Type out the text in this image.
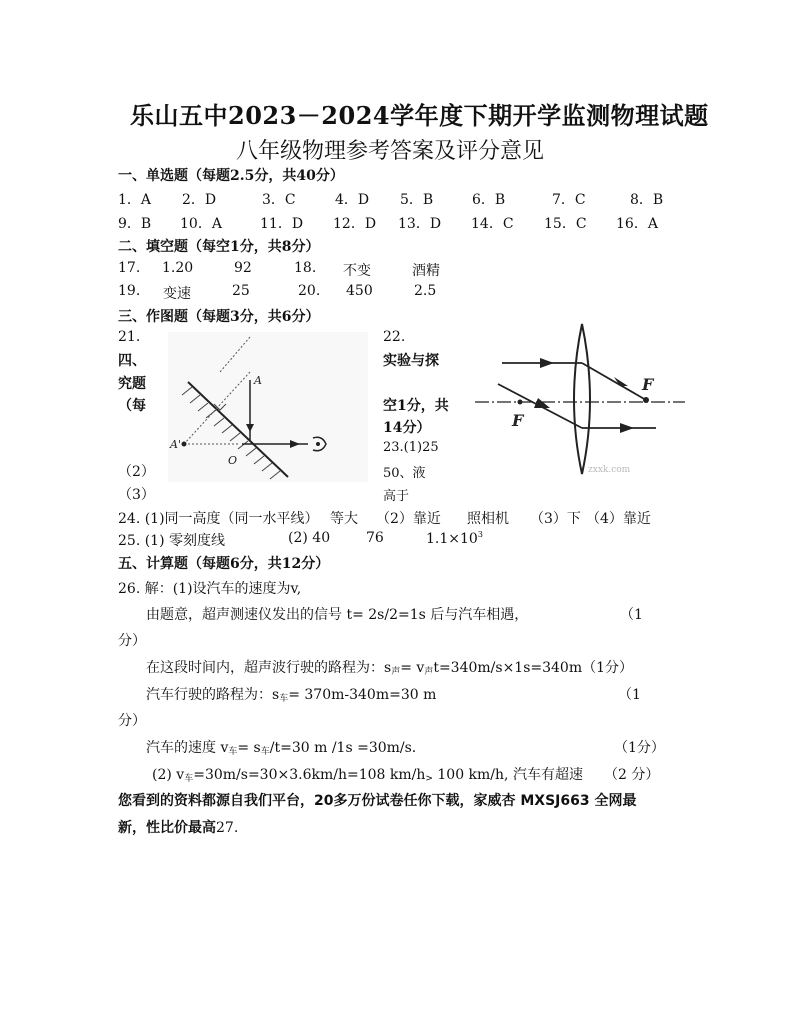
乐山五中2023－2024学年度下期开学监测物理试题
八年级物理参考答案及评分意见
一、单选题（每题2.5分，共40分）
1．A 2．D	3．C	4．D 5．B	6．B	7．C	8．B
9．B 10．A	11．D 12．D 13．D 14．C 15．C 16．A
二、填空题（每空1分，共8分）
17. 1.20	92	18. 不变	酒精
19. 变速	25	20. 450	2.5
三、作图题（每题3分，共6分）
21.	22.
A
A'
O
F
F
zxxk.com
四、
究题
（每
实验与探
空1分，共
14分）
23.(1)25
（2）	50、液
（3）	高于
24. (1)同一高度（同一水平线） 等大 （2）靠近 照相机 （3）下 （4）靠近
25. (1) 零刻度线	(2) 40	76	$1.1\times 10^3$
五、计算题（每题6分，共12分）
26. 解：(1)设汽车的速度为v,
由题意，超声测速仪发出的信号 t= 2s/2=1s 后与汽车相遇，	（1
分）
在这段时间内，超声波行驶的路程为：$s_声= v_声t=340m/s\times 1s=340m(1$分）
汽车行驶的路程为：$s_车= 370m-340m=30$ m	（1
分）
汽车的速度 $v_车= s_车/t=30$ m /1s =30m/s.	（1分）
(2) $v_车=30m/s=30\times 3.6km/h=108$ $km/h_>$ 100 km/h, 汽车有超速 （2 分）
您看到的资料都源自我们平台，20多万份试卷任你下载，家威杏 MXSJ663 全网最
新，性比价最高27.
